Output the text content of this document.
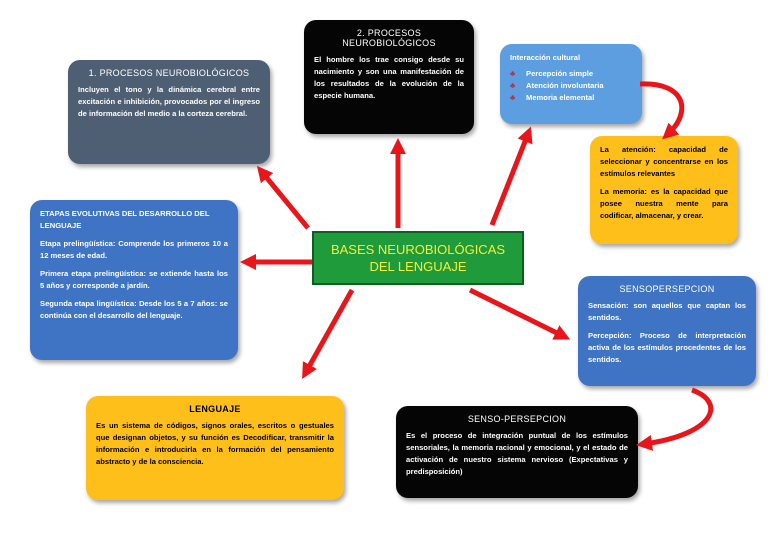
1. PROCESOS NEUROBIOLÓGICOS

Incluyen el tono y la dinámica cerebral entre excitación e inhibición, provocados por el ingreso de información del medio a la corteza cerebral.

2. PROCESOS
NEUROBIOLÓGICOS

El hombre los trae consigo desde su nacimiento y son una manifestación de los resultados de la evolución de la especie humana.

Interacción cultural
♣	Percepción simple
♣	Atención involuntaria
♣	Memoria elemental

La atención: capacidad de seleccionar y concentrarse en los estímulos relevantes

La memoria: es la capacidad que posee nuestra mente para codificar, almacenar, y crear.

ETAPAS EVOLUTIVAS DEL DESARROLLO DEL LENGUAJE

Etapa prelingüística: Comprende los primeros 10 a 12 meses de edad.

Primera etapa prelingüística: se extiende hasta los 5 años y corresponde a jardín.

Segunda etapa lingüística: Desde los 5 a 7 años: se continúa con el desarrollo del lenguaje.

BASES NEUROBIOLÓGICAS
DEL LENGUAJE
SENSOPERSEPCION

Sensación: son aquellos que captan los sentidos.

Percepción: Proceso de interpretación activa de los estímulos procedentes de los sentidos.

LENGUAJE

Es un sistema de códigos, signos orales, escritos o gestuales que designan objetos, y su función es Decodificar, transmitir la información e introducirla en la formación del pensamiento abstracto y de la consciencia.

SENSO-PERSEPCION

Es el proceso de integración puntual de los estímulos sensoriales, la memoria racional y emocional, y el estado de activación de nuestro sistema nervioso (Expectativas y predisposición)
